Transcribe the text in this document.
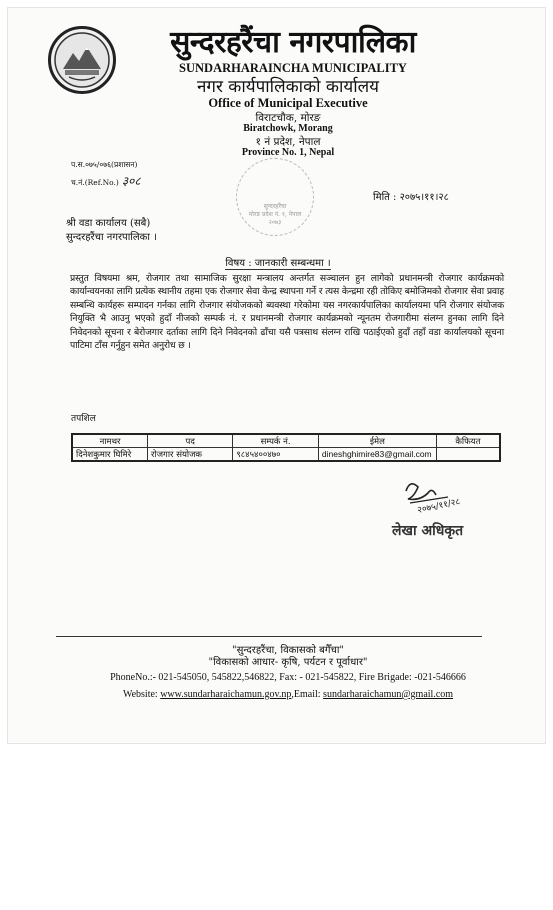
सुन्दरहरैंचा नगरपालिका
SUNDARHARAINCHA MUNICIPALITY
नगर कार्यपालिकाको कार्यालय
Office of Municipal Executive
विराटचौक, मोरङ
Biratchowk, Morang
१ नं प्रदेश, नेपाल
Province No. 1, Nepal
प.स.०७५/०७६(प्रशासन)
च.नं.(Ref.No.) ३०८
सुन्दरहरैंचा
मोरङ प्रदेश नं. १, नेपाल
२०७३
मिति : २०७५।११।२८
श्री वडा कार्यालय (सबै)
सुन्दरहरैंचा नगरपालिका ।
विषय : जानकारी सम्बन्धमा ।
प्रस्तुत विषयमा श्रम, रोजगार तथा सामाजिक सुरक्षा मन्त्रालय अन्तर्गत सञ्चालन हुन लागेको प्रधानमन्त्री रोजगार कार्यक्रमको कार्यान्वयनका लागि प्रत्येक स्थानीय तहमा एक रोजगार सेवा केन्द्र स्थापना गर्ने र त्यस केन्द्रमा रही तोकिए बमोजिमको रोजगार सेवा प्रवाह सम्बन्धि कार्यहरू सम्पादन गर्नका लागि रोजगार संयोजकको ब्यवस्था गरेकोमा यस नगरकार्यपालिका कार्यालयमा पनि रोजगार संयोजक नियुक्ति भै आउनु भएको हुदाँ नीजको सम्पर्क नं. र प्रधानमन्त्री रोजगार कार्यक्रमको न्यूनतम रोजगारीमा संलग्न हुनका लागि दिने निवेदनको सूचना र बेरोजगार दर्ताका लागि दिने निवेदनको ढाँचा यसै पत्रसाथ संलग्न राखि पठाईएको हुदाँ तहाँ वडा कार्यालयको सूचना पाटिमा टाँस गर्नुहुन समेत अनुरोध छ ।
तपशिल
नामथर	पद	सम्पर्क नं.	ईमेल	कैफियत
दिनेशकुमार घिमिरे	रोजगार संयोजक	९८४५४००४७०	dineshghimire83@gmail.com	
२०७५/११/२८
लेखा अधिकृत
"सुन्दरहरैंचा, विकासको बगैँचा"
"विकासको आधार- कृषि, पर्यटन र पूर्वाधार"
PhoneNo.:- 021-545050, 545822,546822, Fax: - 021-545822, Fire Brigade: -021-546666
Website: www.sundarharaichamun.gov.np,Email: sundarharaichamun@gmail.com
